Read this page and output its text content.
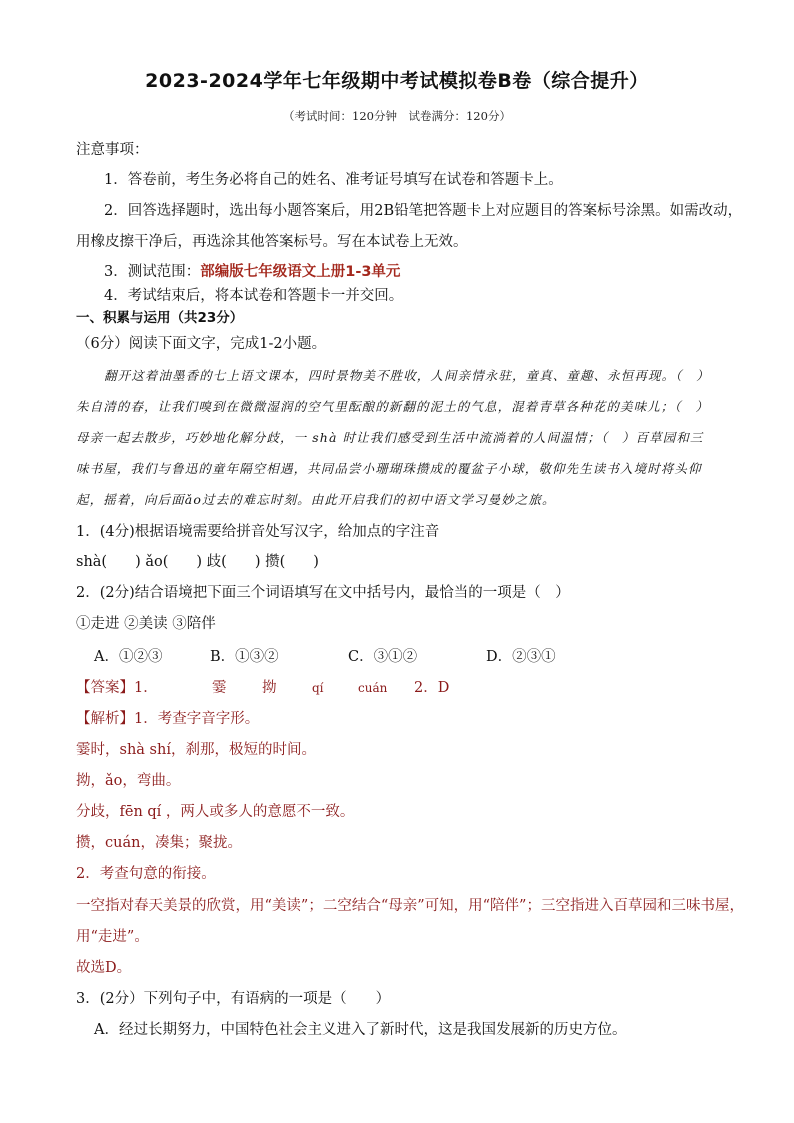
2023-2024学年七年级期中考试模拟卷B卷（综合提升）
（考试时间：120分钟　试卷满分：120分）
注意事项：
1．答卷前，考生务必将自己的姓名、准考证号填写在试卷和答题卡上。
2．回答选择题时，选出每小题答案后，用2B铅笔把答题卡上对应题目的答案标号涂黑。如需改动，
用橡皮擦干净后，再选涂其他答案标号。写在本试卷上无效。
3．测试范围：部编版七年级语文上册1-3单元
4．考试结束后，将本试卷和答题卡一并交回。
一、积累与运用（共23分）
（6分）阅读下面文字，完成1-2小题。
翻开这着油墨香的七上语文课本，四时景物美不胜收，人间亲情永驻，童真、童趣、永恒再现。（　）
朱自清的春，让我们嗅到在微微湿润的空气里酝酿的新翻的泥土的气息，混着青草各种花的美味儿；（　）
母亲一起去散步，巧妙地化解分歧，一 shà 时让我们感受到生活中流淌着的人间温情；（　）百草园和三
味书屋，我们与鲁迅的童年隔空相遇，共同品尝小珊瑚珠攒成的覆盆子小球，敬仰先生读书入境时将头仰
起，摇着，向后面ǎo过去的难忘时刻。由此开启我们的初中语文学习曼妙之旅。
1．(4分)根据语境需要给拼音处写汉字，给加点的字注音
shà( ) ǎo( ) 歧( ) 攒( )
2．(2分)结合语境把下面三个词语填写在文中括号内，最恰当的一项是（　）
①走进 ②美读 ③陪伴
A．①②③	B．①③②	C．③①②	D．②③①
【答案】1．	霎 拗	qí	cuán 2．D
【解析】1．考查字音字形。
霎时，shà shí，刹那，极短的时间。
拗，ǎo，弯曲。
分歧，fēn qí ，两人或多人的意愿不一致。
攒，cuán，凑集；聚拢。
2．考查句意的衔接。
一空指对春天美景的欣赏，用“美读”；二空结合“母亲”可知，用“陪伴”；三空指进入百草园和三味书屋，
用“走进”。
故选D。
3．(2分）下列句子中，有语病的一项是（　　）
A．经过长期努力，中国特色社会主义进入了新时代，这是我国发展新的历史方位。
